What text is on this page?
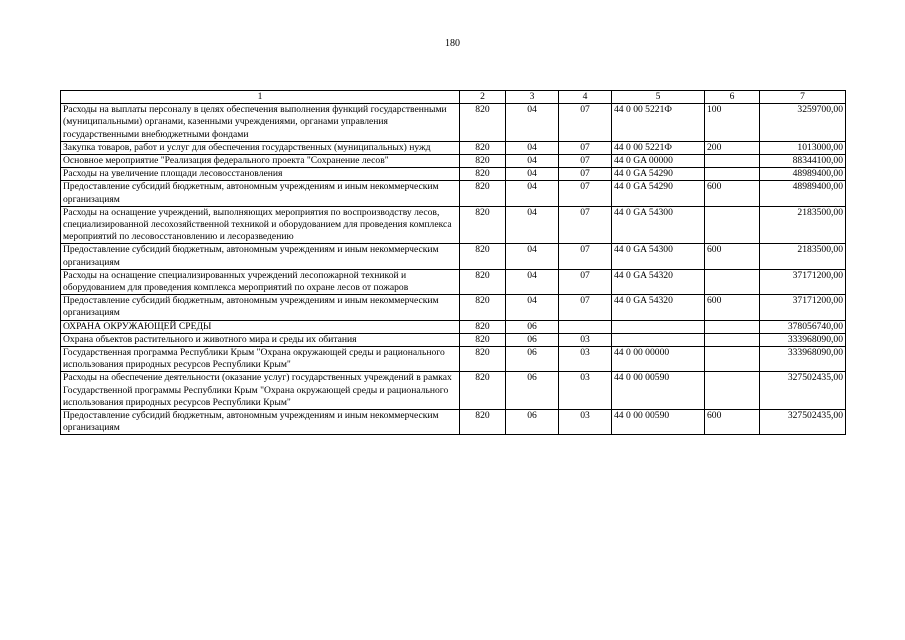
180
1	2	3	4	5	6	7
Расходы на выплаты персоналу в целях обеспечения выполнения функций государственными (муниципальными) органами, казенными учреждениями, органами управления государственными внебюджетными фондами	820	04	07	44 0 00 5221Ф	100	3259700,00
Закупка товаров, работ и услуг для обеспечения государственных (муниципальных) нужд	820	04	07	44 0 00 5221Ф	200	1013000,00
Основное мероприятие "Реализация федерального проекта "Сохранение лесов"	820	04	07	44 0 GA 00000		88344100,00
Расходы на увеличение площади лесовосстановления	820	04	07	44 0 GA 54290		48989400,00
Предоставление субсидий бюджетным, автономным учреждениям и иным некоммерческим организациям	820	04	07	44 0 GA 54290	600	48989400,00
Расходы на оснащение учреждений, выполняющих мероприятия по воспроизводству лесов, специализированной лесохозяйственной техникой и оборудованием для проведения комплекса мероприятий по лесовосстановлению и лесоразведению	820	04	07	44 0 GA 54300		2183500,00
Предоставление субсидий бюджетным, автономным учреждениям и иным некоммерческим организациям	820	04	07	44 0 GA 54300	600	2183500,00
Расходы на оснащение специализированных учреждений лесопожарной техникой и оборудованием для проведения комплекса мероприятий по охране лесов от пожаров	820	04	07	44 0 GA 54320		37171200,00
Предоставление субсидий бюджетным, автономным учреждениям и иным некоммерческим организациям	820	04	07	44 0 GA 54320	600	37171200,00
ОХРАНА ОКРУЖАЮЩЕЙ СРЕДЫ	820	06				378056740,00
Охрана объектов растительного и животного мира и среды их обитания	820	06	03			333968090,00
Государственная программа Республики Крым "Охрана окружающей среды и рационального использования природных ресурсов Республики Крым"	820	06	03	44 0 00 00000		333968090,00
Расходы на обеспечение деятельности (оказание услуг) государственных учреждений в рамках Государственной программы Республики Крым "Охрана окружающей среды и рационального использования природных ресурсов Республики Крым"	820	06	03	44 0 00 00590		327502435,00
Предоставление субсидий бюджетным, автономным учреждениям и иным некоммерческим организациям	820	06	03	44 0 00 00590	600	327502435,00
